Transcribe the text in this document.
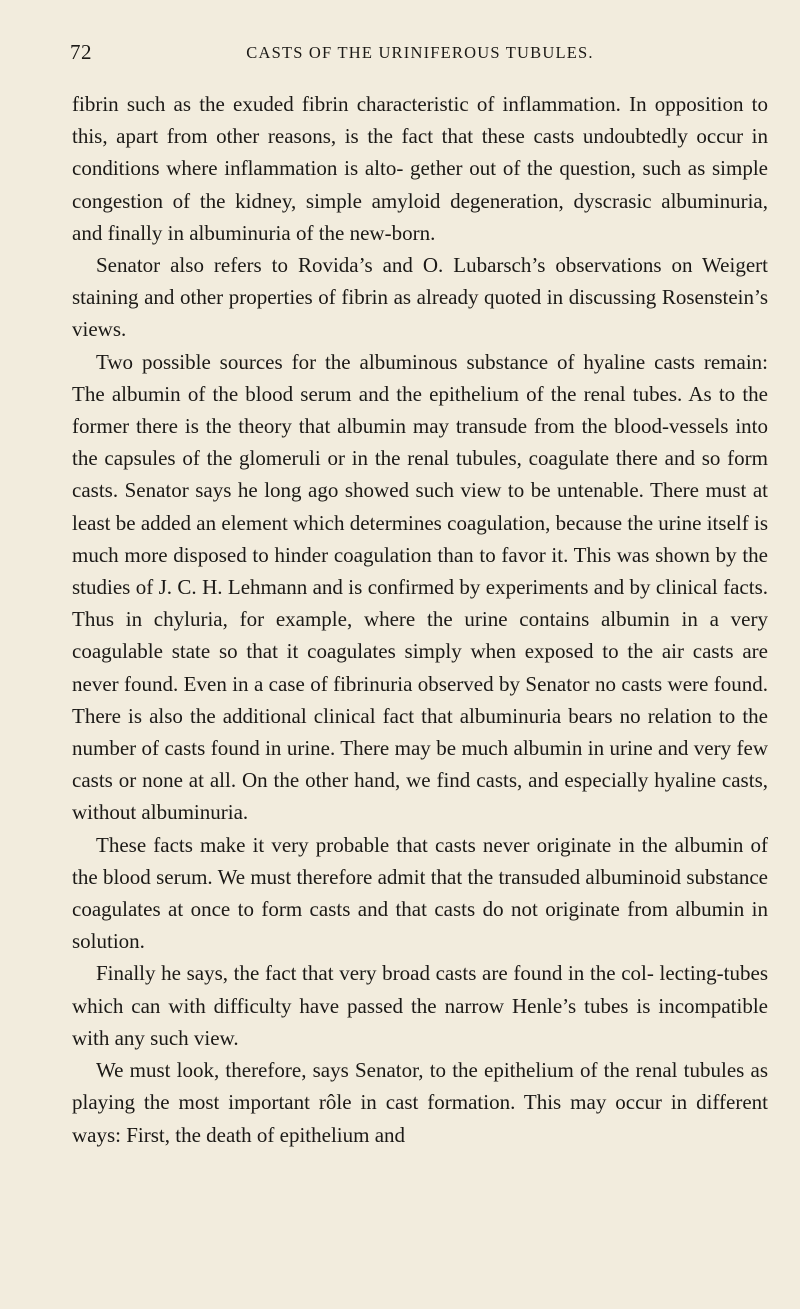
72	CASTS OF THE URINIFEROUS TUBULES.

fibrin such as the exuded fibrin characteristic of inflammation. In opposition to this, apart from other reasons, is the fact that these casts undoubtedly occur in conditions where inflammation is alto- gether out of the question, such as simple congestion of the kidney, simple amyloid degeneration, dyscrasic albuminuria, and finally in albuminuria of the new-born.

Senator also refers to Rovida’s and O. Lubarsch’s observations on Weigert staining and other properties of fibrin as already quoted in discussing Rosenstein’s views.

Two possible sources for the albuminous substance of hyaline casts remain: The albumin of the blood serum and the epithelium of the renal tubes. As to the former there is the theory that albumin may transude from the blood-vessels into the capsules of the glomeruli or in the renal tubules, coagulate there and so form casts. Senator says he long ago showed such view to be untenable. There must at least be added an element which determines coagulation, because the urine itself is much more disposed to hinder coagulation than to favor it. This was shown by the studies of J. C. H. Lehmann and is confirmed by experiments and by clinical facts. Thus in chyluria, for example, where the urine contains albumin in a very coagulable state so that it coagulates simply when exposed to the air casts are never found. Even in a case of fibrinuria observed by Senator no casts were found. There is also the additional clinical fact that albuminuria bears no relation to the number of casts found in urine. There may be much albumin in urine and very few casts or none at all. On the other hand, we find casts, and especially hyaline casts, without albuminuria.

These facts make it very probable that casts never originate in the albumin of the blood serum. We must therefore admit that the transuded albuminoid substance coagulates at once to form casts and that casts do not originate from albumin in solution.

Finally he says, the fact that very broad casts are found in the col- lecting-tubes which can with difficulty have passed the narrow Henle’s tubes is incompatible with any such view.

We must look, therefore, says Senator, to the epithelium of the renal tubules as playing the most important rôle in cast formation. This may occur in different ways: First, the death of epithelium and
